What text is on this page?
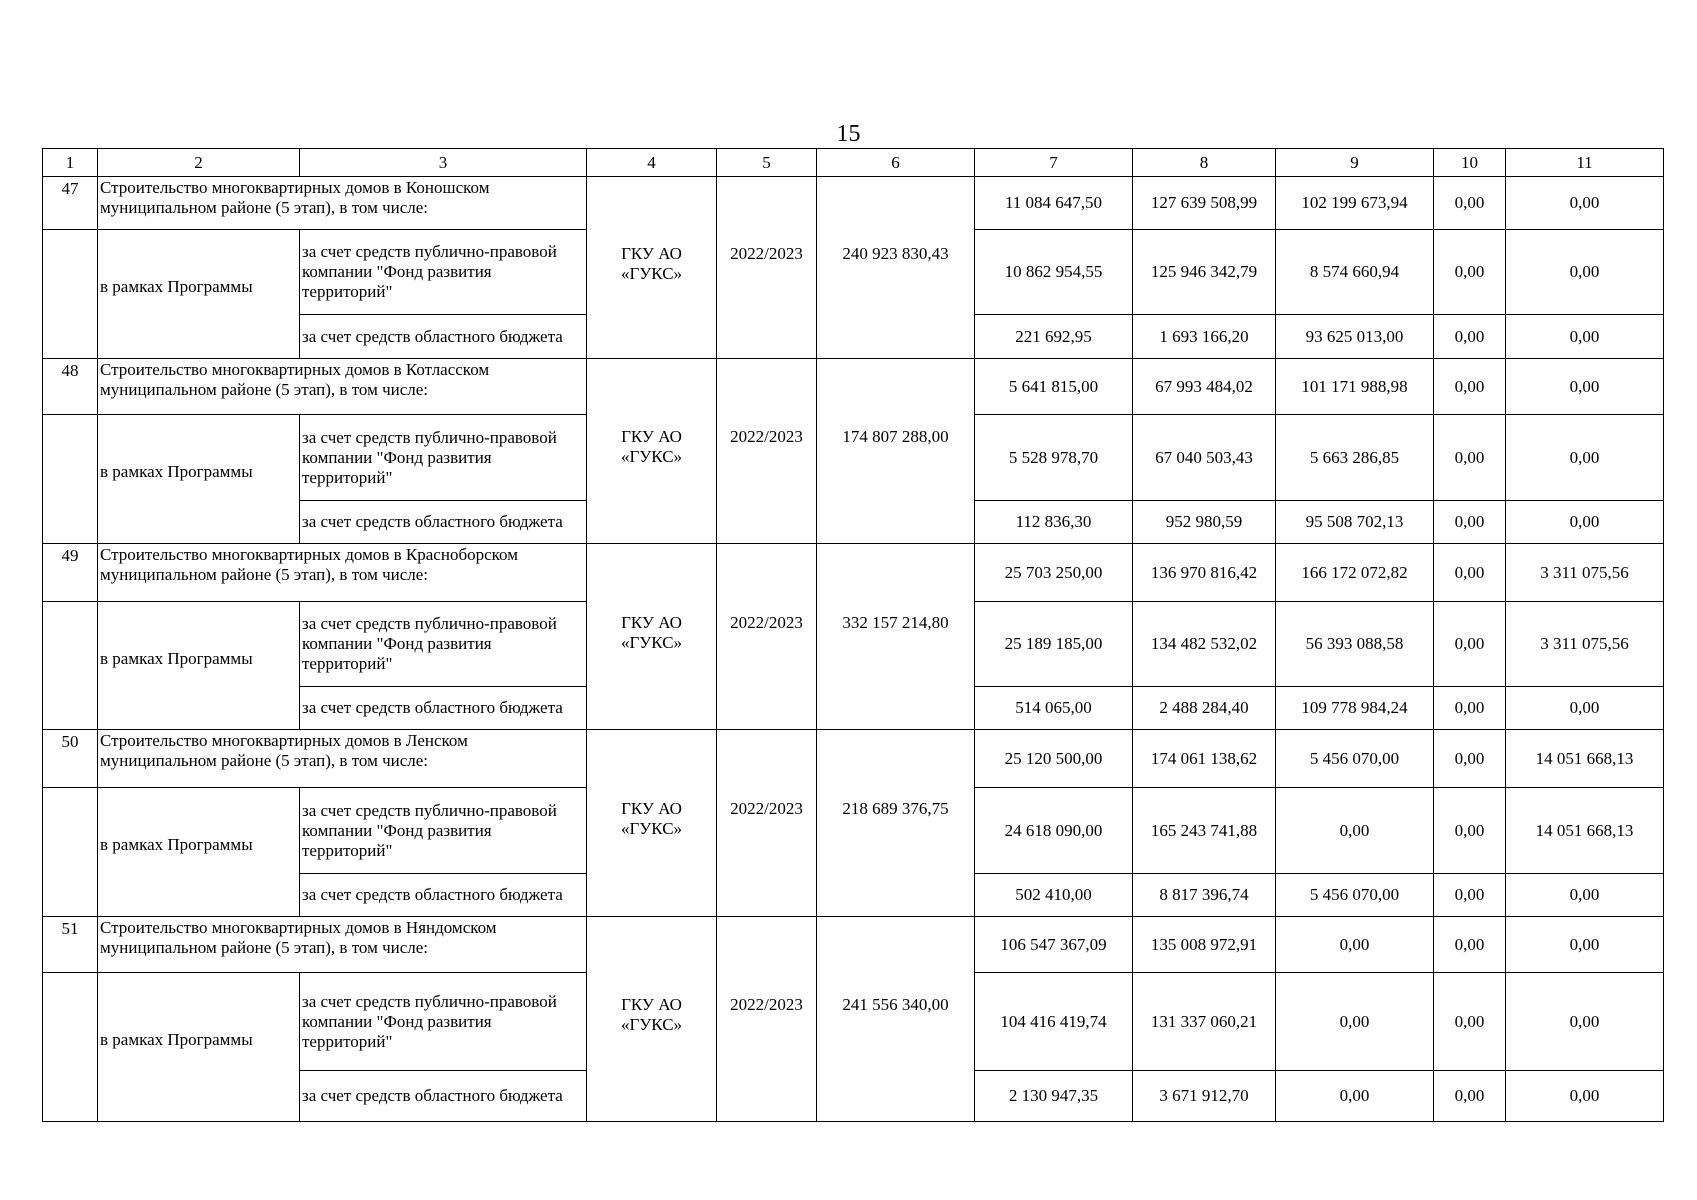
15
1	2	3	4	5	6	7	8	9	10	11
47	Строительство многоквартирных домов в Коношском муниципальном районе (5 этап), в том числе:		ГКУ АО «ГУКС»	2022/2023	240 923 830,43	11 084 647,50	127 639 508,99	102 199 673,94	0,00	0,00

	в рамках Программы	за счет средств публично-правовой компании "Фонд развития территорий"				10 862 954,55	125 946 342,79	8 574 660,94	0,00	0,00
		за счет средств областного бюджета				221 692,95	1 693 166,20	93 625 013,00	0,00	0,00
48	Строительство многоквартирных домов в Котласском муниципальном районе (5 этап), в том числе:		ГКУ АО «ГУКС»	2022/2023	174 807 288,00	5 641 815,00	67 993 484,02	101 171 988,98	0,00	0,00

	в рамках Программы	за счет средств публично-правовой компании "Фонд развития территорий"				5 528 978,70	67 040 503,43	5 663 286,85	0,00	0,00
		за счет средств областного бюджета				112 836,30	952 980,59	95 508 702,13	0,00	0,00
49	Строительство многоквартирных домов в Красноборском муниципальном районе (5 этап), в том числе:		ГКУ АО «ГУКС»	2022/2023	332 157 214,80	25 703 250,00	136 970 816,42	166 172 072,82	0,00	3 311 075,56

	в рамках Программы	за счет средств публично-правовой компании "Фонд развития территорий"				25 189 185,00	134 482 532,02	56 393 088,58	0,00	3 311 075,56
		за счет средств областного бюджета				514 065,00	2 488 284,40	109 778 984,24	0,00	0,00
50	Строительство многоквартирных домов в Ленском муниципальном районе (5 этап), в том числе:		ГКУ АО «ГУКС»	2022/2023	218 689 376,75	25 120 500,00	174 061 138,62	5 456 070,00	0,00	14 051 668,13

	в рамках Программы	за счет средств публично-правовой компании "Фонд развития территорий"				24 618 090,00	165 243 741,88	0,00	0,00	14 051 668,13
		за счет средств областного бюджета				502 410,00	8 817 396,74	5 456 070,00	0,00	0,00
51	Строительство многоквартирных домов в Няндомском муниципальном районе (5 этап), в том числе:		ГКУ АО «ГУКС»	2022/2023	241 556 340,00	106 547 367,09	135 008 972,91	0,00	0,00	0,00

	в рамках Программы	за счет средств публично-правовой компании "Фонд развития территорий"				104 416 419,74	131 337 060,21	0,00	0,00	0,00
		за счет средств областного бюджета				2 130 947,35	3 671 912,70	0,00	0,00	0,00
